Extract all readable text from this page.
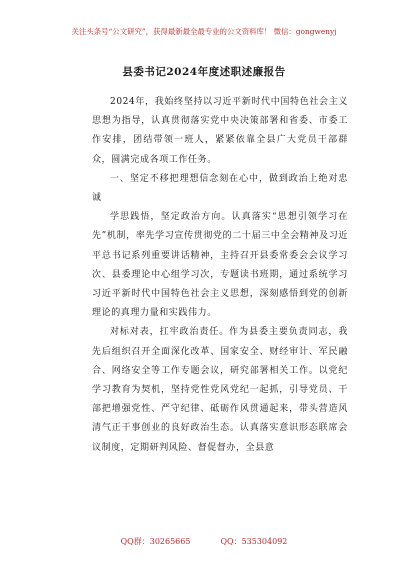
关注头条号“公文研究”，获得最新最全最专业的公文资料库！ 微信：gongwenyj
县委书记2024年度述职述廉报告

2024年，我始终坚持以习近平新时代中国特色社会主义思想为指导，认真贯彻落实党中央决策部署和省委、市委工作安排，团结带领一班人，紧紧依靠全县广大党员干部群众，圆满完成各项工作任务。

一、坚定不移把理想信念刻在心中，做到政治上绝对忠诚

学思践悟，坚定政治方向。认真落实“思想引领学习在先”机制，率先学习宣传贯彻党的二十届三中全会精神及习近平总书记系列重要讲话精神，主持召开县委常委会会议学习次、县委理论中心组学习次，专题读书班期，通过系统学习习近平新时代中国特色社会主义思想，深刻感悟到党的创新理论的真理力量和实践伟力。

对标对表，扛牢政治责任。作为县委主要负责同志，我先后组织召开全面深化改革、国家安全、财经审计、军民融合、网络安全等工作专题会议，研究部署相关工作。以党纪学习教育为契机，坚持党性党风党纪一起抓，引导党员、干部把增强党性、严守纪律、砥砺作风贯通起来，带头营造风清气正干事创业的良好政治生态。认真落实意识形态联席会议制度，定期研判风险、督促督办，全县意

QQ群：30265665	QQ：535304092
